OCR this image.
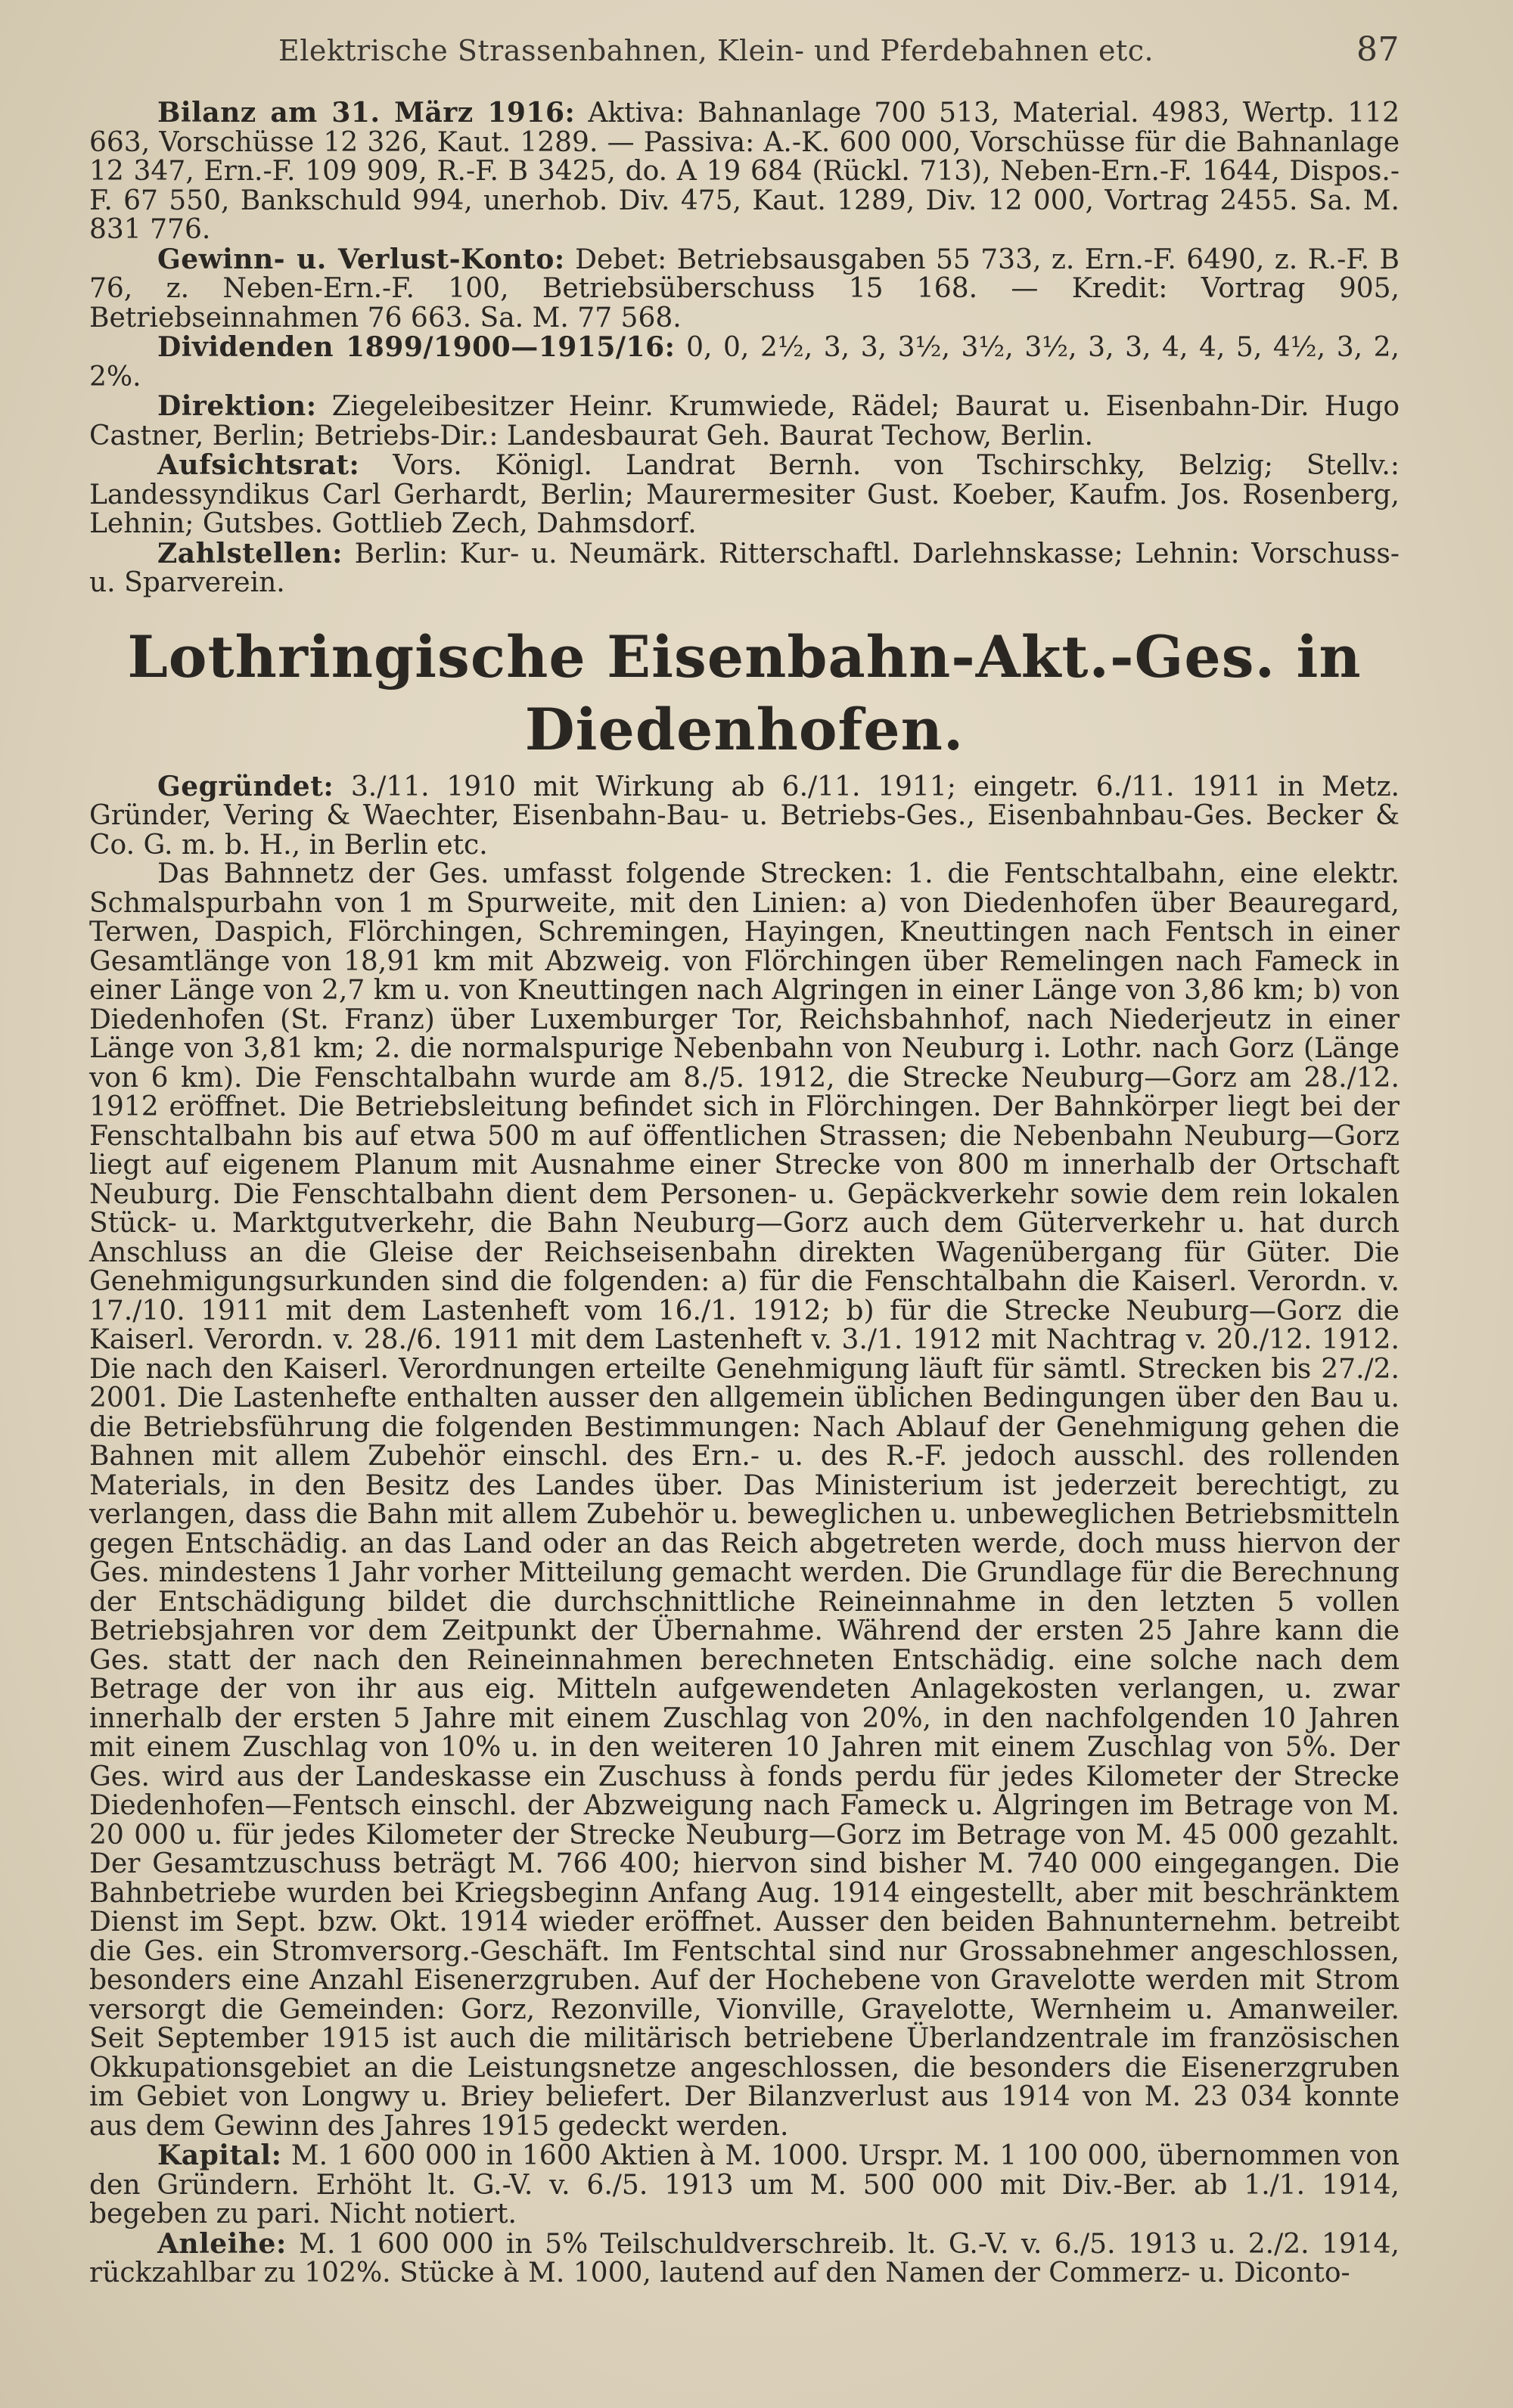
Elektrische Strassenbahnen, Klein- und Pferdebahnen etc.	87

Bilanz am 31. März 1916: Aktiva: Bahnanlage 700 513, Material. 4983, Wertp. 112 663, Vorschüsse 12 326, Kaut. 1289. — Passiva: A.-K. 600 000, Vorschüsse für die Bahnanlage 12 347, Ern.-F. 109 909, R.-F. B 3425, do. A 19 684 (Rückl. 713), Neben-Ern.-F. 1644, Dispos.-F. 67 550, Bankschuld 994, unerhob. Div. 475, Kaut. 1289, Div. 12 000, Vortrag 2455. Sa. M. 831 776.

Gewinn- u. Verlust-Konto: Debet: Betriebsausgaben 55 733, z. Ern.-F. 6490, z. R.-F. B 76, z. Neben-Ern.-F. 100, Betriebsüberschuss 15 168. — Kredit: Vortrag 905, Betriebseinnahmen 76 663. Sa. M. 77 568.

Dividenden 1899/1900—1915/16: 0, 0, 2½, 3, 3, 3½, 3½, 3½, 3, 3, 4, 4, 5, 4½, 3, 2, 2%.

Direktion: Ziegeleibesitzer Heinr. Krumwiede, Rädel; Baurat u. Eisenbahn-Dir. Hugo Castner, Berlin; Betriebs-Dir.: Landesbaurat Geh. Baurat Techow, Berlin.

Aufsichtsrat: Vors. Königl. Landrat Bernh. von Tschirschky, Belzig; Stellv.: Landessyndikus Carl Gerhardt, Berlin; Maurermesiter Gust. Koeber, Kaufm. Jos. Rosenberg, Lehnin; Gutsbes. Gottlieb Zech, Dahmsdorf.

Zahlstellen: Berlin: Kur- u. Neumärk. Ritterschaftl. Darlehnskasse; Lehnin: Vorschuss-u. Sparverein.

Lothringische Eisenbahn-Akt.-Ges. in Diedenhofen.

Gegründet: 3./11. 1910 mit Wirkung ab 6./11. 1911; eingetr. 6./11. 1911 in Metz. Gründer, Vering & Waechter, Eisenbahn-Bau- u. Betriebs-Ges., Eisenbahnbau-Ges. Becker & Co. G. m. b. H., in Berlin etc.

Das Bahnnetz der Ges. umfasst folgende Strecken: 1. die Fentschtalbahn, eine elektr. Schmalspurbahn von 1 m Spurweite, mit den Linien: a) von Diedenhofen über Beauregard, Terwen, Daspich, Flörchingen, Schremingen, Hayingen, Kneuttingen nach Fentsch in einer Gesamtlänge von 18,91 km mit Abzweig. von Flörchingen über Remelingen nach Fameck in einer Länge von 2,7 km u. von Kneuttingen nach Algringen in einer Länge von 3,86 km; b) von Diedenhofen (St. Franz) über Luxemburger Tor, Reichsbahnhof, nach Niederjeutz in einer Länge von 3,81 km; 2. die normalspurige Nebenbahn von Neuburg i. Lothr. nach Gorz (Länge von 6 km). Die Fenschtalbahn wurde am 8./5. 1912, die Strecke Neuburg—Gorz am 28./12. 1912 eröffnet. Die Betriebsleitung befindet sich in Flörchingen. Der Bahnkörper liegt bei der Fenschtalbahn bis auf etwa 500 m auf öffentlichen Strassen; die Nebenbahn Neuburg—Gorz liegt auf eigenem Planum mit Ausnahme einer Strecke von 800 m innerhalb der Ortschaft Neuburg. Die Fenschtalbahn dient dem Personen- u. Gepäckverkehr sowie dem rein lokalen Stück- u. Marktgutverkehr, die Bahn Neuburg—Gorz auch dem Güterverkehr u. hat durch Anschluss an die Gleise der Reichseisenbahn direkten Wagenübergang für Güter. Die Genehmigungsurkunden sind die folgenden: a) für die Fenschtalbahn die Kaiserl. Verordn. v. 17./10. 1911 mit dem Lastenheft vom 16./1. 1912; b) für die Strecke Neuburg—Gorz die Kaiserl. Verordn. v. 28./6. 1911 mit dem Lastenheft v. 3./1. 1912 mit Nachtrag v. 20./12. 1912. Die nach den Kaiserl. Verordnungen erteilte Genehmigung läuft für sämtl. Strecken bis 27./2. 2001. Die Lastenhefte enthalten ausser den allgemein üblichen Bedingungen über den Bau u. die Betriebsführung die folgenden Bestimmungen: Nach Ablauf der Genehmigung gehen die Bahnen mit allem Zubehör einschl. des Ern.- u. des R.-F. jedoch ausschl. des rollenden Materials, in den Besitz des Landes über. Das Ministerium ist jederzeit berechtigt, zu verlangen, dass die Bahn mit allem Zubehör u. beweglichen u. unbeweglichen Betriebsmitteln gegen Entschädig. an das Land oder an das Reich abgetreten werde, doch muss hiervon der Ges. mindestens 1 Jahr vorher Mitteilung gemacht werden. Die Grundlage für die Berechnung der Entschädigung bildet die durchschnittliche Reineinnahme in den letzten 5 vollen Betriebsjahren vor dem Zeitpunkt der Übernahme. Während der ersten 25 Jahre kann die Ges. statt der nach den Reineinnahmen berechneten Entschädig. eine solche nach dem Betrage der von ihr aus eig. Mitteln aufgewendeten Anlagekosten verlangen, u. zwar innerhalb der ersten 5 Jahre mit einem Zuschlag von 20%, in den nachfolgenden 10 Jahren mit einem Zuschlag von 10% u. in den weiteren 10 Jahren mit einem Zuschlag von 5%. Der Ges. wird aus der Landeskasse ein Zuschuss à fonds perdu für jedes Kilometer der Strecke Diedenhofen—Fentsch einschl. der Abzweigung nach Fameck u. Algringen im Betrage von M. 20 000 u. für jedes Kilometer der Strecke Neuburg—Gorz im Betrage von M. 45 000 gezahlt. Der Gesamtzuschuss beträgt M. 766 400; hiervon sind bisher M. 740 000 eingegangen. Die Bahnbetriebe wurden bei Kriegsbeginn Anfang Aug. 1914 eingestellt, aber mit beschränktem Dienst im Sept. bzw. Okt. 1914 wieder eröffnet. Ausser den beiden Bahnunternehm. betreibt die Ges. ein Stromversorg.-Geschäft. Im Fentschtal sind nur Grossabnehmer angeschlossen, besonders eine Anzahl Eisenerzgruben. Auf der Hochebene von Gravelotte werden mit Strom versorgt die Gemeinden: Gorz, Rezonville, Vionville, Gravelotte, Wernheim u. Amanweiler. Seit September 1915 ist auch die militärisch betriebene Überlandzentrale im französischen Okkupationsgebiet an die Leistungsnetze angeschlossen, die besonders die Eisenerzgruben im Gebiet von Longwy u. Briey beliefert. Der Bilanzverlust aus 1914 von M. 23 034 konnte aus dem Gewinn des Jahres 1915 gedeckt werden.

Kapital: M. 1 600 000 in 1600 Aktien à M. 1000. Urspr. M. 1 100 000, übernommen von den Gründern. Erhöht lt. G.-V. v. 6./5. 1913 um M. 500 000 mit Div.-Ber. ab 1./1. 1914, begeben zu pari. Nicht notiert.

Anleihe: M. 1 600 000 in 5% Teilschuldverschreib. lt. G.-V. v. 6./5. 1913 u. 2./2. 1914, rückzahlbar zu 102%. Stücke à M. 1000, lautend auf den Namen der Commerz- u. Diconto-
